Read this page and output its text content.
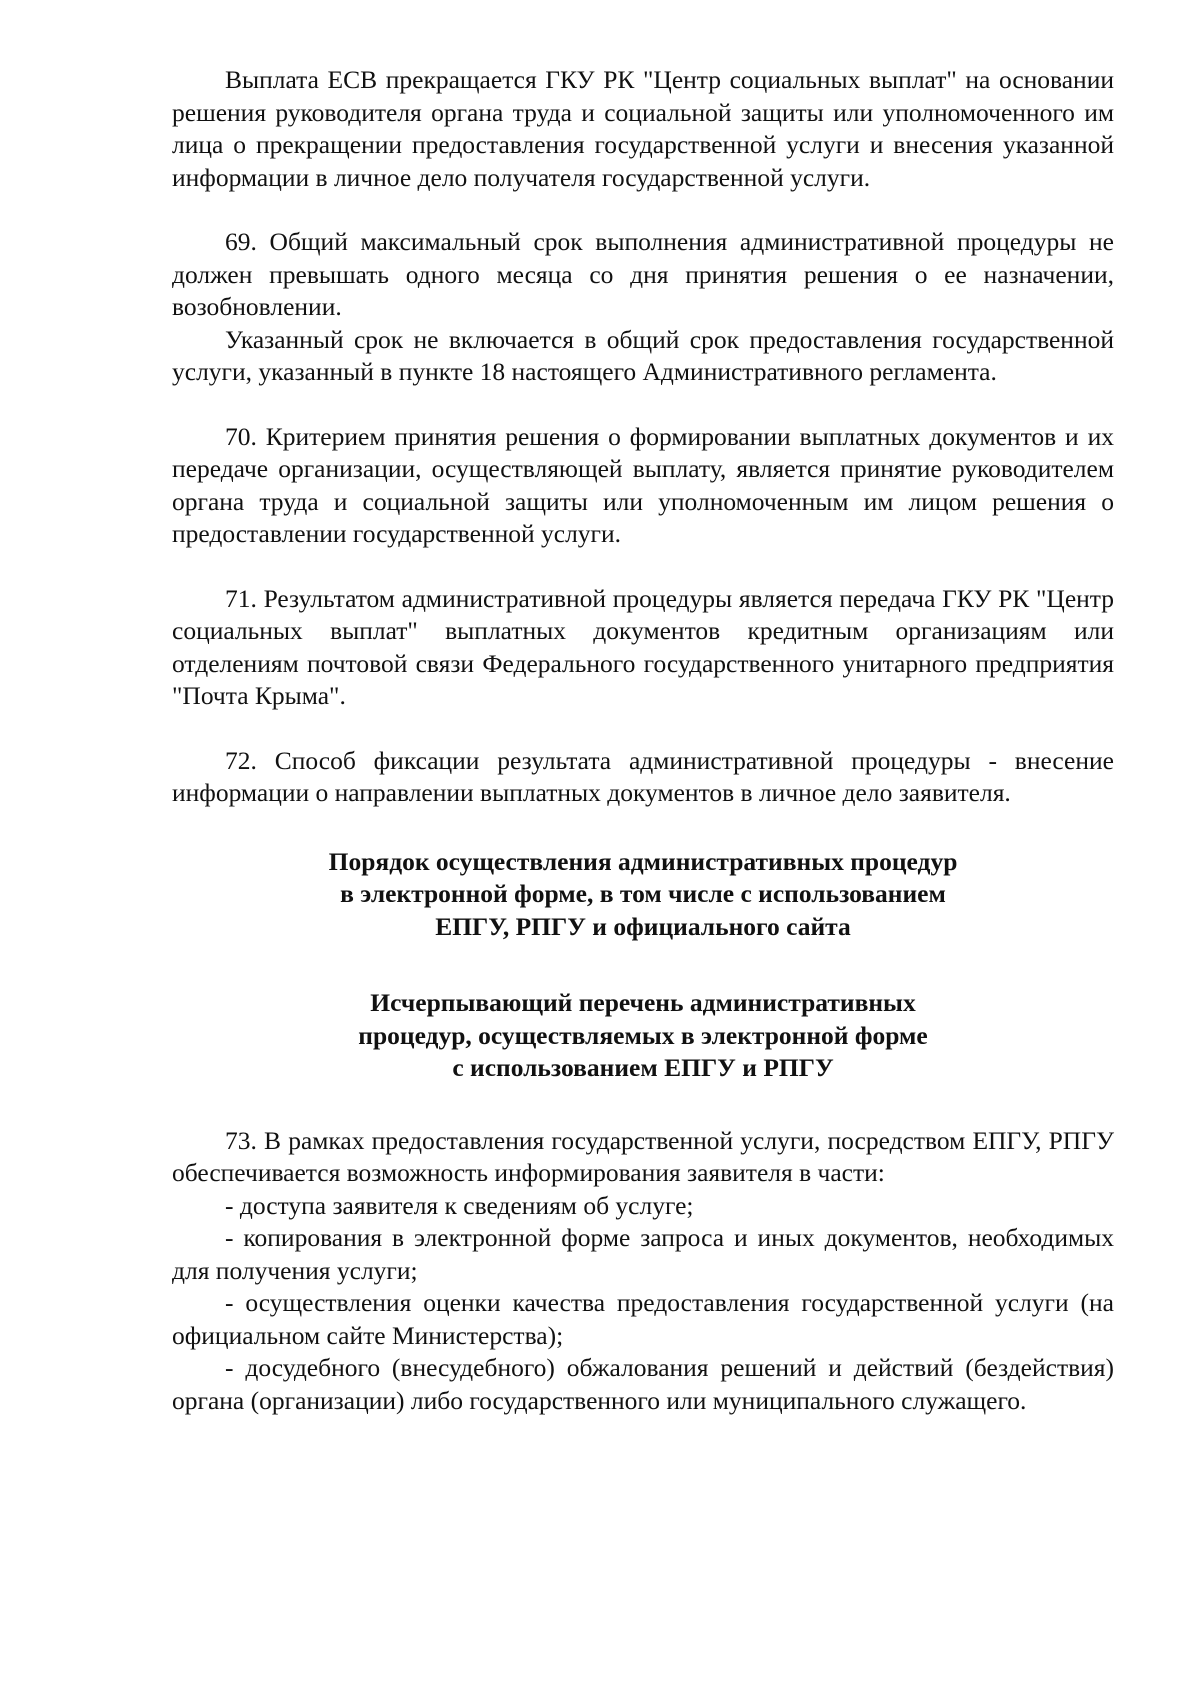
Выплата ЕСВ прекращается ГКУ РК "Центр социальных выплат" на основании решения руководителя органа труда и социальной защиты или уполномоченного им лица о прекращении предоставления государственной услуги и внесения указанной информации в личное дело получателя государственной услуги.

69. Общий максимальный срок выполнения административной процедуры не должен превышать одного месяца со дня принятия решения о ее назначении, возобновлении.

Указанный срок не включается в общий срок предоставления государственной услуги, указанный в пункте 18 настоящего Административного регламента.

70. Критерием принятия решения о формировании выплатных документов и их передаче организации, осуществляющей выплату, является принятие руководителем органа труда и социальной защиты или уполномоченным им лицом решения о предоставлении государственной услуги.

71. Результатом административной процедуры является передача ГКУ РК "Центр социальных выплат" выплатных документов кредитным организациям или отделениям почтовой связи Федерального государственного унитарного предприятия "Почта Крыма".

72. Способ фиксации результата административной процедуры - внесение информации о направлении выплатных документов в личное дело заявителя.

Порядок осуществления административных процедур
в электронной форме, в том числе с использованием
ЕПГУ, РПГУ и официального сайта
Исчерпывающий перечень административных
процедур, осуществляемых в электронной форме
с использованием ЕПГУ и РПГУ

73. В рамках предоставления государственной услуги, посредством ЕПГУ, РПГУ обеспечивается возможность информирования заявителя в части:

- доступа заявителя к сведениям об услуге;

- копирования в электронной форме запроса и иных документов, необходимых для получения услуги;

- осуществления оценки качества предоставления государственной услуги (на официальном сайте Министерства);

- досудебного (внесудебного) обжалования решений и действий (бездействия) органа (организации) либо государственного или муниципального служащего.
